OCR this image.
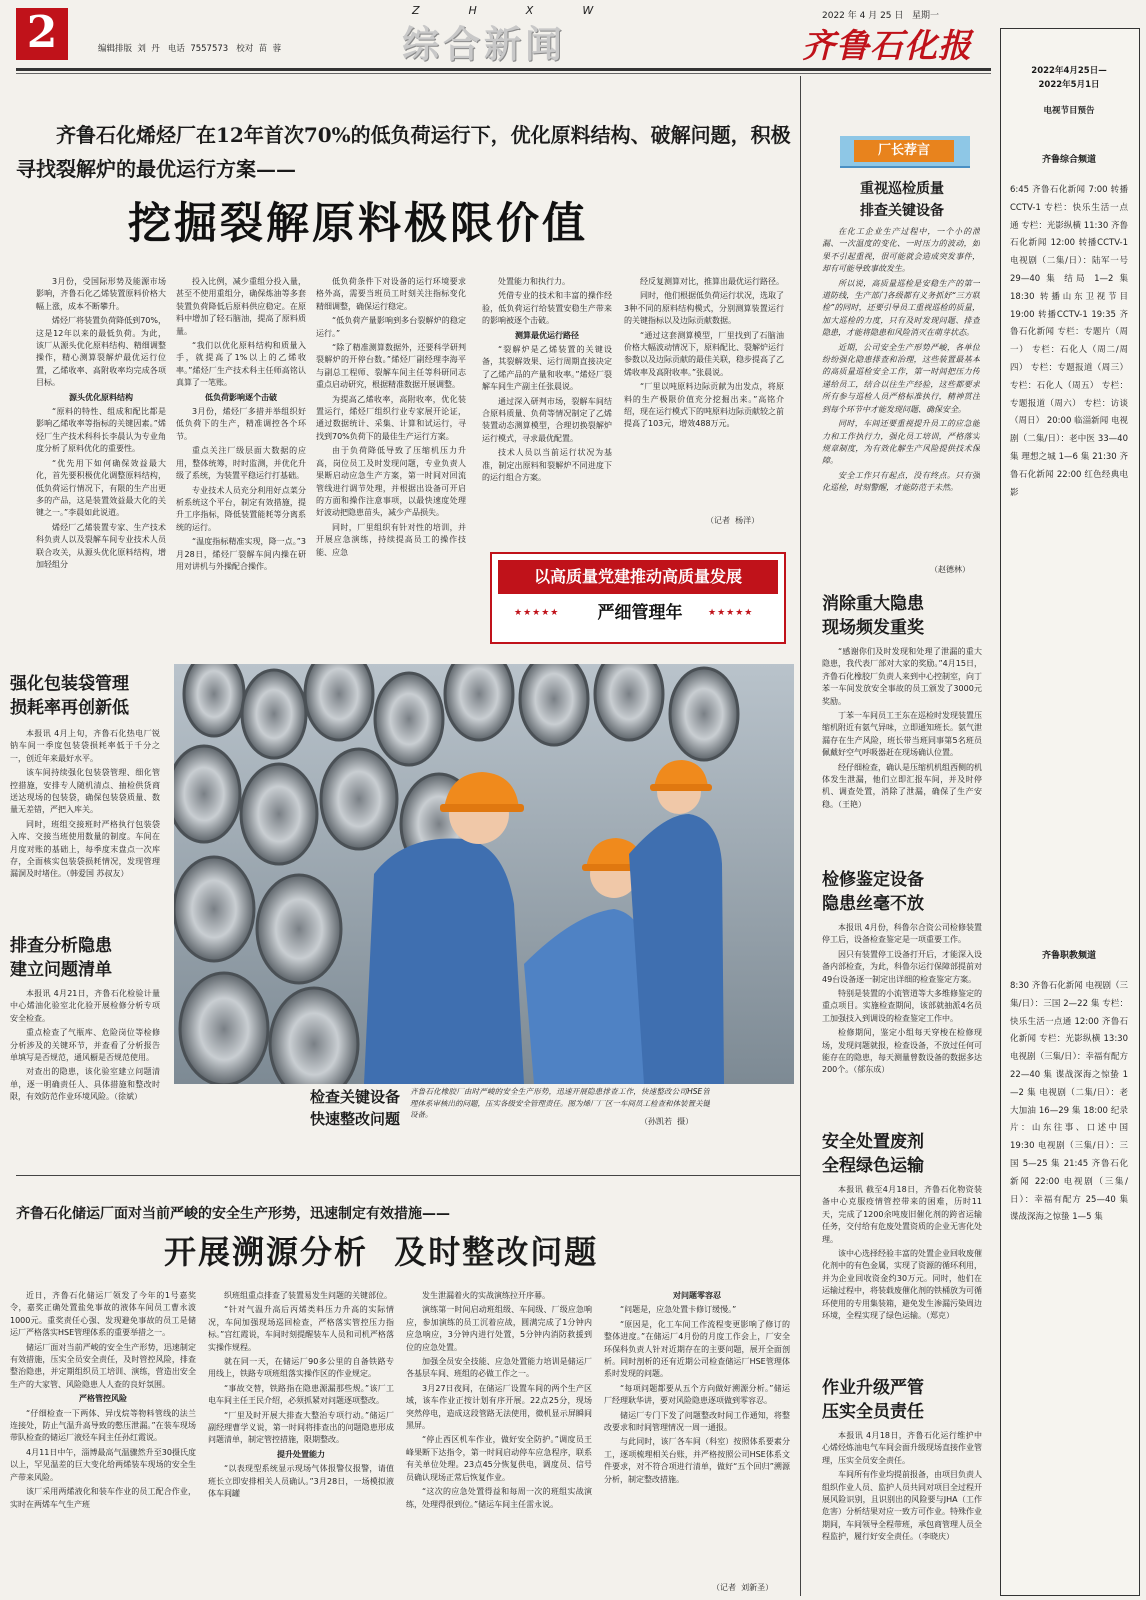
2	编辑排版  刘  丹   电话  7557573   校对  苗  蓉
Z  H  X  W
综合新闻
2022 年 4 月 25 日   星期一
齐鲁石化报
齐鲁石化烯烃厂在12年首次70%的低负荷运行下，优化原料结构、破解问题，积极寻找裂解炉的最优运行方案——
挖掘裂解原料极限价值

3月份，受国际形势及能源市场影响，齐鲁石化乙烯装置原料价格大幅上涨，成本不断攀升。

烯烃厂将装置负荷降低到70%，这是12年以来的最低负荷。为此，该厂从源头优化原料结构、精细调整操作，精心测算裂解炉最优运行位置，乙烯收率、高附收率均完成各项目标。

源头优化原料结构

“原料的特性、组成和配比都是影响乙烯收率等指标的关键因素。”烯烃厂生产技术科科长李晨认为专业角度分析了原料优化的重要性。

“优先用下如何确保效益最大化，首先要积极优化调整原料结构，低负荷运行情况下，有限的生产出更多的产品，这是装置效益最大化的关键之一。”李晨如此说道。

烯烃厂乙烯装置专家、生产技术科负责人以及裂解车间专业技术人员联合攻关，从源头优化原料结构，增加轻组分

投入比例，减少重组分投入量，甚至不使用重组分，确保炼油等多套装置负荷降低后原料供应稳定。在原料中增加了轻石脑油，提高了原料质量。

“我们以优化原料结构和质量入手，就提高了1%以上的乙烯收率。”烯烃厂生产技术科主任师高铭认真算了一笔账。

低负荷影响逐个击破

3月份，烯烃厂多措并举组织好低负荷下的生产，精准调控各个环节。

重点关注厂级层面大数据的应用，整体统筹，时时监测，并优化升级了系统，为装置平稳运行打基础。

专业技术人员充分利用好点菜分析系统这个平台，制定有效措施，提升工序指标，降低装置能耗等分离系统的运行。

“温度指标精准实现，降一点。”3月28日，烯烃厂裂解车间内操在研用对讲机与外操配合操作。

低负荷条件下对设备的运行环境要求格外高，需要当班员工时刻关注指标变化精细调整，确保运行稳定。

“低负荷产量影响到多台裂解炉的稳定运行。”

“除了精准测算数据外，还要科学研判裂解炉的开停台数。”烯烃厂副经理李海平与副总工程师、裂解车间主任等科研同志重点启动研究，根据精准数据开展调整。

为提高乙烯收率，高附收率，优化装置运行，烯烃厂组织行业专家展开论证，通过数据统计、采集、计算和试运行，寻找到70%负荷下的最佳生产运行方案。

由于负荷降低导致了压缩机压力升高，岗位员工及时发现问题，专业负责人果断启动应急生产方案，第一时间对回流管线进行调节处理，并根据出设备可开启的方面和操作注意事项，以最快速度处理好波动把隐患苗头，减少产品损失。

同时，厂里组织有针对性的培训，并开展应急演练，持续提高员工的操作技能、应急

处置能力和执行力。

凭借专业的技术和丰富的操作经验，低负荷运行给装置安稳生产带来的影响被逐个击破。

测算最优运行路径

“裂解炉是乙烯装置的关键设备，其裂解效果、运行周期直接决定了乙烯产品的产量和收率。”烯烃厂裂解车间生产副主任张晨说。

通过深入研判市场，裂解车间结合原料质量、负荷等情况制定了乙烯装置动态测算模型，合理切换裂解炉运行模式，寻求最优配置。

技术人员以当前运行状况为基准，制定出原料和裂解炉不同进度下的运行组合方案。

经反复测算对比，推算出最优运行路径。

同时，他们根据低负荷运行状况，选取了3种不同的原料结构模式，分别测算装置运行的关键指标以及边际贡献数据。

“通过这套测算模型，厂里找到了石脑油价格大幅波动情况下，原料配比、裂解炉运行参数以及边际贡献的最佳关联，稳步提高了乙烯收率及高附收率。”张晨说。

“厂里以吨原料边际贡献为出发点，将原料的生产极限价值充分挖掘出来。”高铭介绍，现在运行模式下的吨原料边际贡献较之前提高了103元，增效488万元。

（记者  杨洋）
以高质量党建推动高质量发展
★★★★★	严细管理年	★★★★★
强化包装袋管理
损耗率再创新低

本报讯 4月上旬，齐鲁石化热电厂锐钠车间一季度包装袋损耗率低于千分之一，创近年来最好水平。

该车间持续强化包装袋管理、细化管控措施，安排专人随机清点、抽检供货商送达现场的包装袋，确保包装袋质量、数量无差错，严把入库关。

同时，班组交接班时严格执行包装袋入库、交接当班使用数量的制度。车间在月度对账的基础上，每季度末盘点一次库存，全面核实包装袋损耗情况，发现管理漏洞及时堵住。（韩爱国 苏叔友）

排查分析隐患
建立问题清单

本报讯 4月21日，齐鲁石化检验计量中心烯油化验室北化验开展检修分析专项安全检查。

重点检查了气瓶库、危险岗位等检修分析涉及的关键环节，并查看了分析报告单填写是否规范，通风橱是否规范使用。

对查出的隐患，该化验室建立问题清单，逐一明确责任人、具体措施和整改时限，有效防范作业环境风险。（徐斌）	检查关键设备
快速整改问题
齐鲁石化橡胶厂由时严峻的安全生产形势，迅速开展隐患排查工作，快速整改公司HSE管理体系审核出的问题，压实各级安全管理责任。图为烯厂厂区一车间员工检查和体装置关键设备。
（孙凯若  摄）
厂长荐言
重视巡检质量
排查关键设备

在化工企业生产过程中，一个小的泄漏、一次温度的变化、一时压力的波动，如果不引起重视，很可能就会造成突发事件，却有可能导致事故发生。

所以说，高质量巡检是安稳生产的第一道防线，生产部门各级都有义务抓好“三方联检”的同时，还要引导员工重视巡检的质量，加大巡检的力度，只有及时发现问题、排查隐患，才能将隐患和风险消灭在萌芽状态。

近期，公司安全生产形势严峻，各单位纷纷强化隐患排查和治理，这些装置最基本的高质量巡检安全工作，第一时间把压力传递给员工，结合以往生产经验，这些都要求所有参与巡检人员严格标准执行，精神贯注到每个环节中才能发现问题、确保安全。

同时，车间还要重视提升员工的应急能力和工作执行力，强化员工培训，严格落实规章制度，为有效化解生产风险提供技术保障。

安全工作只有起点，没有终点。只有强化巡检，时刻警醒，才能防范于未然。

（赵德林）
消除重大隐患
现场频发重奖

“感谢你们及时发现和处理了泄漏的重大隐患，我代表厂部对大家的奖励。”4月15日，齐鲁石化橡胶厂负责人来到中心控制室，向丁苯一车间发放安全事故的员工颁发了3000元奖励。

丁苯一车间员工王东在巡检时发现装置压缩机附近有氨气异味，立即通知班长。氨气泄漏存在生产风险，班长带当班同事第5名班员佩戴好空气呼吸器赶在现场确认位置。

经仔细检查，确认是压缩机机组西侧的机体发生泄漏，他们立即汇报车间，并及时停机、调查处置，消除了泄漏，确保了生产安稳。（王艳）

检修鉴定设备
隐患丝毫不放

本报讯 4月份，科鲁尔合资公司检修装置停工后，设备检查鉴定是一项重要工作。

因只有装置停工设备打开后，才能深入设备内部检查，为此，科鲁尔运行保障部提前对49台设备逐一制定出详细的检查鉴定方案。

特别是装置的小流管道等大多维修鉴定的重点项目。实施检查期间，该部就抽派4名员工加强技入到调设的检查鉴定工作中。

检修期间，鉴定小组每天穿梭在检修现场，发现问题就报，检查设备，不放过任何可能存在的隐患，每天测量曾数设备的数据多达200个。（郁东成）

安全处置废剂
全程绿色运输

本报讯 截至4月18日，齐鲁石化物资装备中心克服疫情管控带来的困难，历时11天，完成了1200余吨废旧催化剂的跨省运输任务，交付给有危废处置资质的企业无害化处理。

该中心选择经验丰富的处置企业回收废催化剂中的有色金属，实现了资源的循环利用，并为企业回收资金约30万元。同时，他们在运输过程中，将装载废催化剂的铁桶放为可循环使用的专用集装箱，避免发生渗漏污染周边环境，全程实现了绿色运输。（郑克）

作业升级严管
压实全员责任

本报讯 4月18日，齐鲁石化运行维护中心烯烃炼油电气车间会面升级现场直接作业管理，压实全员安全责任。

车间所有作业均提前报备，由项目负责人组织作业人员、监护人员共同对项目全过程开展风险识别，且识别出的风险要与JHA（工作危害）分析结果对应一致方可作业。特殊作业期间，车间领导全程带班，承包商管理人员全程监护，履行好安全责任。（李晓庆）

齐鲁石化储运厂面对当前严峻的安全生产形势，迅速制定有效措施——
开展溯源分析  及时整改问题

近日，齐鲁石化储运厂领发了今年的1号嘉奖令，嘉奖正确处置盐免事故的液体车间员工曹永波1000元。重奖责任心强、发现避免事故的员工是储运厂严格落实HSE管理体系的重要举措之一。

储运厂面对当前严峻的安全生产形势，迅速制定有效措施，压实全员安全责任，及时管控风险，排查整治隐患，并定期组织员工培训、演练，营造出安全生产的大家管、风险隐患人人查的良好氛围。

严格管控风险

“仔细检查一下两体、异戊烷等物料管线的法兰连接处，防止气温升高导致的憋压泄漏。”在装车现场带队检查的储运厂液烃车间主任孙红霞说。

4月11日中午，淄博最高气温骤然升至30摄氏度以上，罕见温差的巨大变化给两烯装车现场的安全生产带来风险。

该厂采用两烯液化和装车作业的员工配合作业，实时在两烯车气生产班

织班组重点排查了装置易发生问题的关键部位。

“针对气温升高后丙烯类料压力升高的实际情况，车间加强现场巡回检查，严格落实管控压力指标。”宫红霞说，车间时刻提醒装车人员和司机严格落实操作规程。

就在同一天，在储运厂90多公里的自备铁路专用线上，铁路专项班组落实操作区的作业规定。

“事故交替，铁路指在隐患源漏那些规。”该厂工电车间主任王民介绍，必须抓紧对问题逐项整改。

“厂里及时开展大排查大整治专项行动。”储运厂副经理曹学义说，第一时间将排查出的问题隐患形成问题清单，制定管控措施，限期整改。

提升处置能力

“以表现型系统显示现场气体报警仪报警，请值班长立即安排相关人员确认。”3月28日，一场模拟液体车间罐

发生泄漏着火的实战演练拉开序幕。

演练第一时间启动班组级、车间级、厂级应急响应，参加演练的员工沉着应战，圆满完成了1分钟内应急响应，3分钟内进行处置，5分钟内消防救援到位的应急处置。

加强全员安全技能、应急处置能力培训是储运厂各基层车间、班组的必做工作之一。

3月27日夜间，在储运厂设置车间的两个生产区域，该车作业正按计划有序开展。22点25分，现场突然停电，造成这段管路无法使用，微机显示屏瞬间黑屏。

“停止西区机车作业，做好安全防护。”调度员王峰果断下达指令，第一时间启动停车应急程序，联系有关单位处理。23点45分恢复供电，调度员、信号员确认现场正常后恢复作业。

“这次的应急处置得益和每周一次的班组实战演练，处理得很到位。”储运车间主任雷永说。

对问题零容忍

“问题是，应急处置卡修订缓慢。”

“原因是，化工车间工作流程变更影响了修订的整体进度。”在储运厂4月份的月度工作会上，厂安全环保科负责人针对近期存在的主要问题，展开全面剖析。同时剖析的还有近期公司检查储运厂HSE管理体系时发现的问题。

“每项问题都要从五个方向做好溯源分析。”储运厂经理耿华讲，要对风险隐患逐项做到零容忍。

储运厂专门下发了问题整改时间工作通知，将整改要求和时间管理情况一周一通报。

与此同时，该厂各车间（科室）按照体系要素分工，逐项梳理相关台账，并严格按照公司HSE体系文件要求，对不符合项进行清单，做好“五个回归”溯源分析，制定整改措施。

（记者  刘新圣）
2022年4月25日—
2022年5月1日
电视节目预告
齐鲁综合频道
6:45 齐鲁石化新闻 7:00 转播CCTV-1 专栏：快乐生活一点通 专栏：光影纵横 11:30 齐鲁石化新闻 12:00 转播CCTV-1 电视剧（二集/日）：陆军一号 29—40 集 结局 1—2 集 18:30 转播山东卫视节目 19:00 转播CCTV-1 19:35 齐鲁石化新闻 专栏：专题片（周一） 专栏：石化人（周二/周四） 专栏：专题报道（周三） 专栏：石化人（周五） 专栏：专题报道（周六） 专栏：访谈（周日） 20:00 临淄新闻 电视剧（二集/日）：老中医 33—40 集 理想之城 1—6 集 21:30 齐鲁石化新闻 22:00 红色经典电影
齐鲁职教频道
8:30 齐鲁石化新闻 电视剧（三集/日）：三国 2—22 集 专栏：快乐生活一点通 12:00 齐鲁石化新闻 专栏：光影纵横 13:30 电视剧（三集/日）：幸福有配方 22—40 集 谍战深海之惊蛰 1—2 集 电视剧（二集/日）：老大加油 16—29 集 18:00 纪录片：山东往事、口述中国 19:30 电视剧（三集/日）：三国 5—25 集 21:45 齐鲁石化新闻 22:00 电视剧（三集/日）：幸福有配方 25—40 集 谍战深海之惊蛰 1—5 集
